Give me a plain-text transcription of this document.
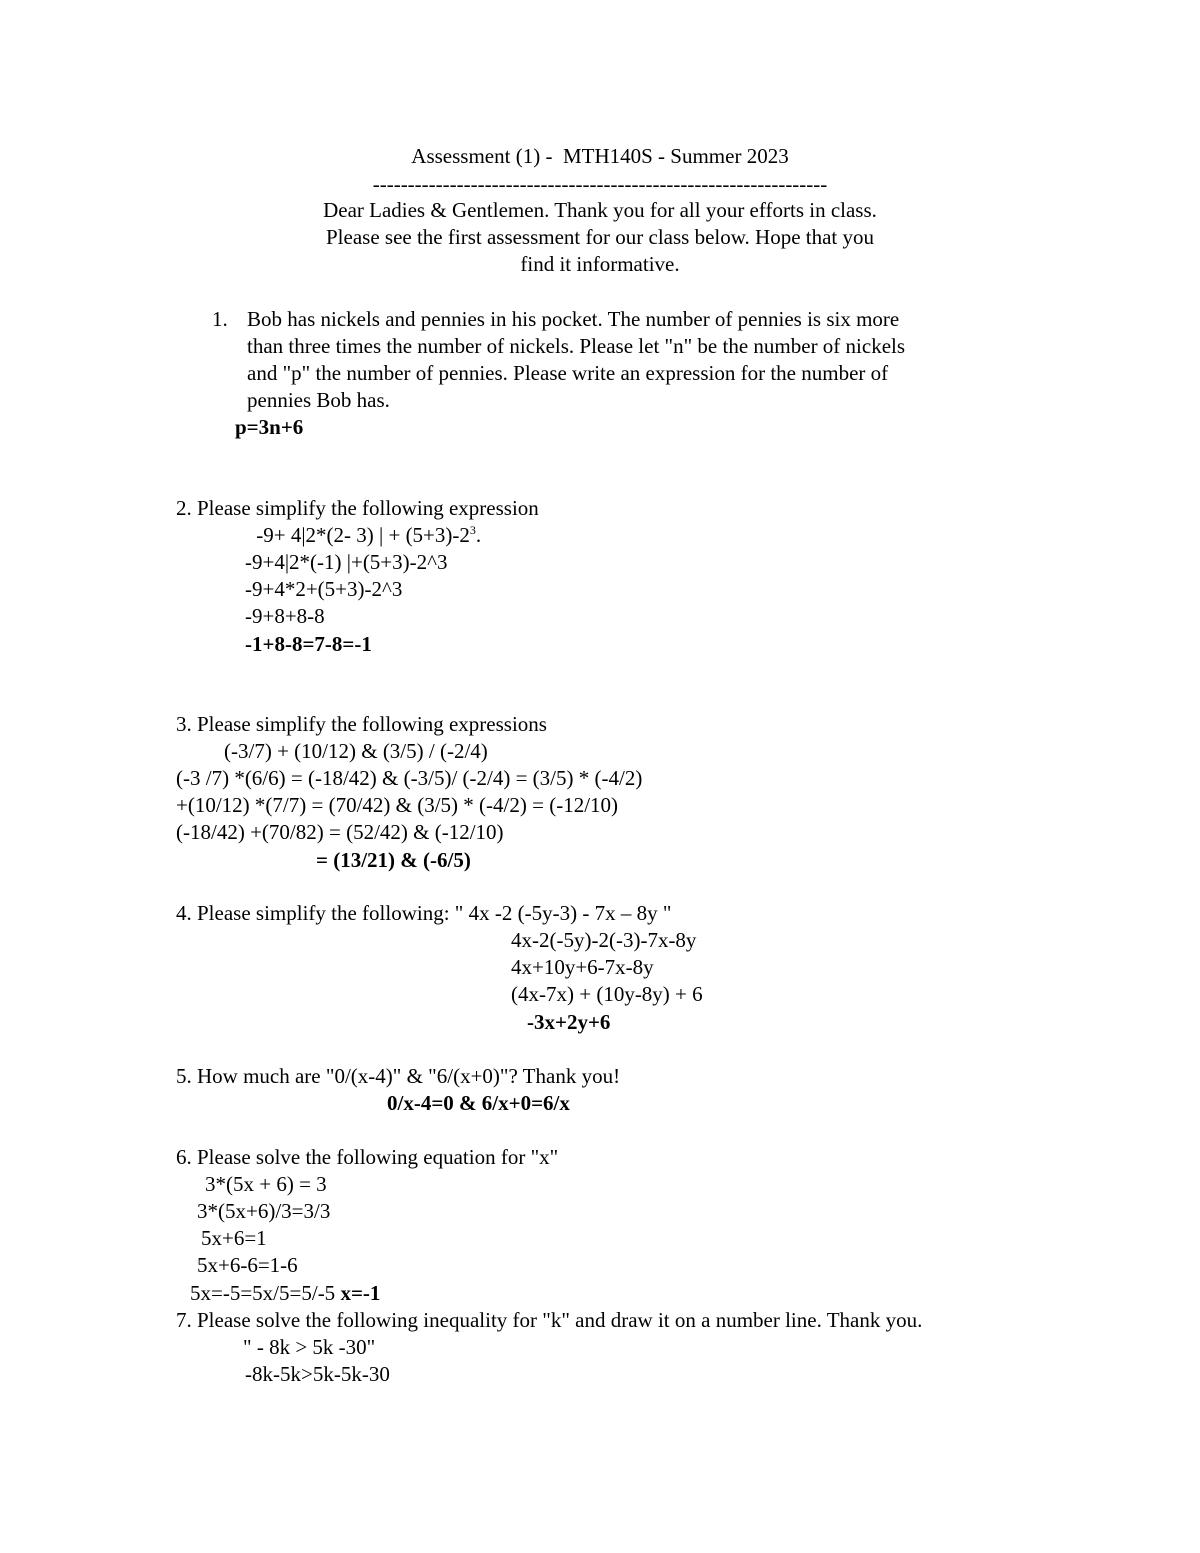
Assessment (1) -  MTH140S - Summer 2023
-----------------------------------------------------------------
Dear Ladies & Gentlemen. Thank you for all your efforts in class.
Please see the first assessment for our class below. Hope that you
find it informative.
1. Bob has nickels and pennies in his pocket. The number of pennies is six more
than three times the number of nickels. Please let "n" be the number of nickels
and "p" the number of pennies. Please write an expression for the number of
pennies Bob has.
p=3n+6
2. Please simplify the following expression
-9+ 4|2*(2- 3) | + $(5+3)-2^3$.
-9+4|2*(-1) |+(5+3)-2^3
-9+4*2+(5+3)-2^3
-9+8+8-8
-1+8-8=7-8=-1
3. Please simplify the following expressions
(-3/7) + (10/12) & (3/5) / (-2/4)
(-3 /7) *(6/6) = (-18/42) & (-3/5)/ (-2/4) = (3/5) * (-4/2)
+(10/12) *(7/7) = (70/42) & (3/5) * (-4/2) = (-12/10)
(-18/42) +(70/82) = (52/42) & (-12/10)
= (13/21) & (-6/5)
4. Please simplify the following: " 4x -2 (-5y-3) - 7x – 8y "
4x-2(-5y)-2(-3)-7x-8y
4x+10y+6-7x-8y
(4x-7x) + (10y-8y) + 6
-3x+2y+6
5. How much are "0/(x-4)" & "6/(x+0)"? Thank you!
0/x-4=0 & 6/x+0=6/x
6. Please solve the following equation for "x"
3*(5x + 6) = 3
3*(5x+6)/3=3/3
5x+6=1
5x+6-6=1-6
5x=-5=5x/5=5/-5 x=-1
7. Please solve the following inequality for "k" and draw it on a number line. Thank you.
" - 8k > 5k -30"
-8k-5k>5k-5k-30
